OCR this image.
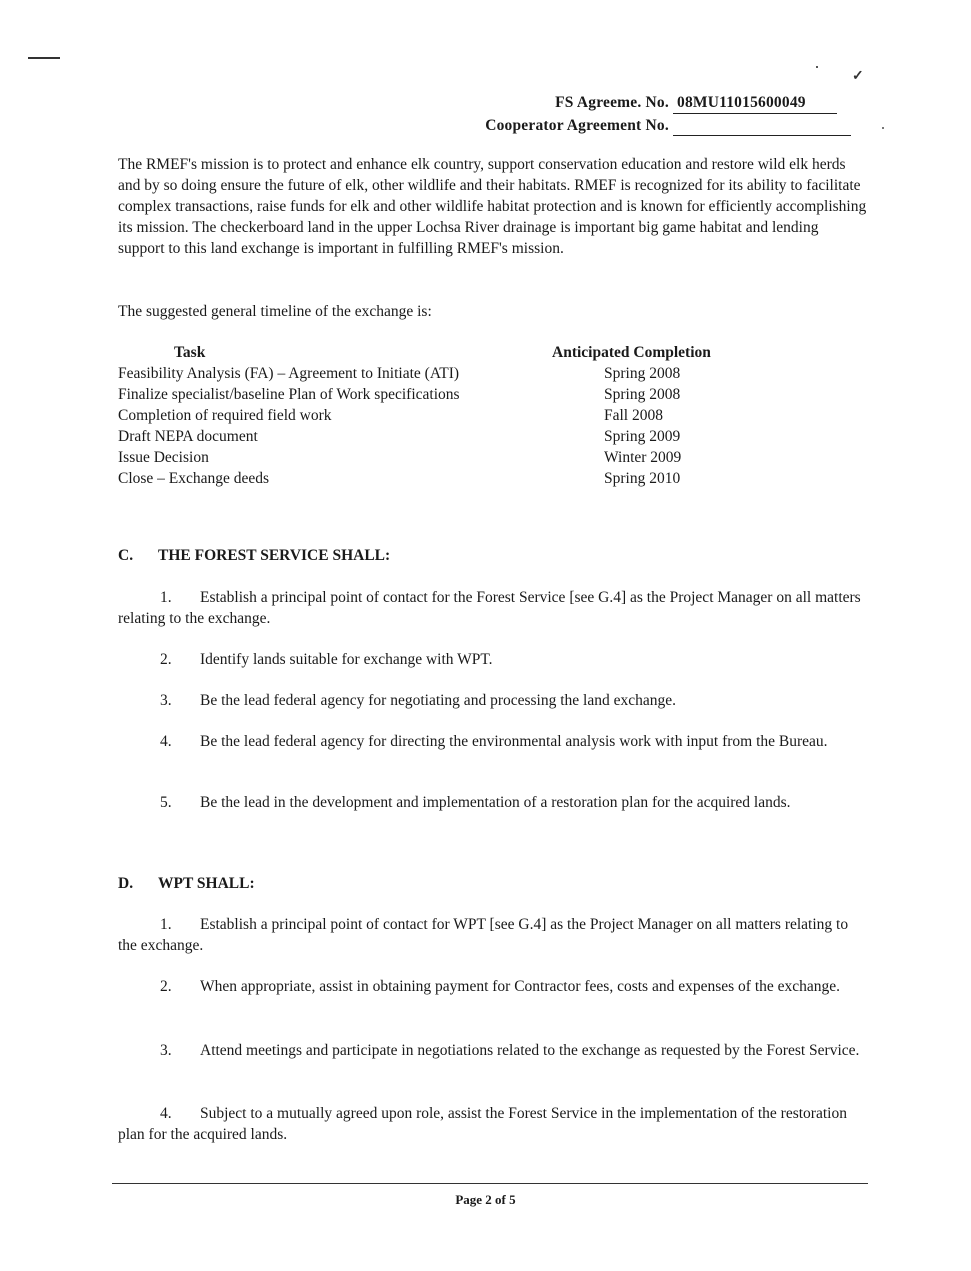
✓
FS Agreeme. No. 08MU11015600049
Cooperator Agreement No.

The RMEF's mission is to protect and enhance elk country, support conservation education and restore wild elk herds and by so doing ensure the future of elk, other wildlife and their habitats. RMEF is recognized for its ability to facilitate complex transactions, raise funds for elk and other wildlife habitat protection and is known for efficiently accomplishing its mission. The checkerboard land in the upper Lochsa River drainage is important big game habitat and lending support to this land exchange is important in fulfilling RMEF's mission.

The suggested general timeline of the exchange is:

Task	Anticipated Completion
Feasibility Analysis (FA) – Agreement to Initiate (ATI)	Spring 2008
Finalize specialist/baseline Plan of Work specifications	Spring 2008
Completion of required field work	Fall 2008
Draft NEPA document	Spring 2009
Issue Decision	Winter 2009
Close – Exchange deeds	Spring 2010
C. THE FOREST SERVICE SHALL:

1. Establish a principal point of contact for the Forest Service [see G.4] as the Project Manager on all matters relating to the exchange.

2. Identify lands suitable for exchange with WPT.

3. Be the lead federal agency for negotiating and processing the land exchange.

4. Be the lead federal agency for directing the environmental analysis work with input from the Bureau.

5. Be the lead in the development and implementation of a restoration plan for the acquired lands.

D. WPT SHALL:

1. Establish a principal point of contact for WPT [see G.4] as the Project Manager on all matters relating to the exchange.

2. When appropriate, assist in obtaining payment for Contractor fees, costs and expenses of the exchange.

3. Attend meetings and participate in negotiations related to the exchange as requested by the Forest Service.

4. Subject to a mutually agreed upon role, assist the Forest Service in the implementation of the restoration plan for the acquired lands.

Page 2 of 5
